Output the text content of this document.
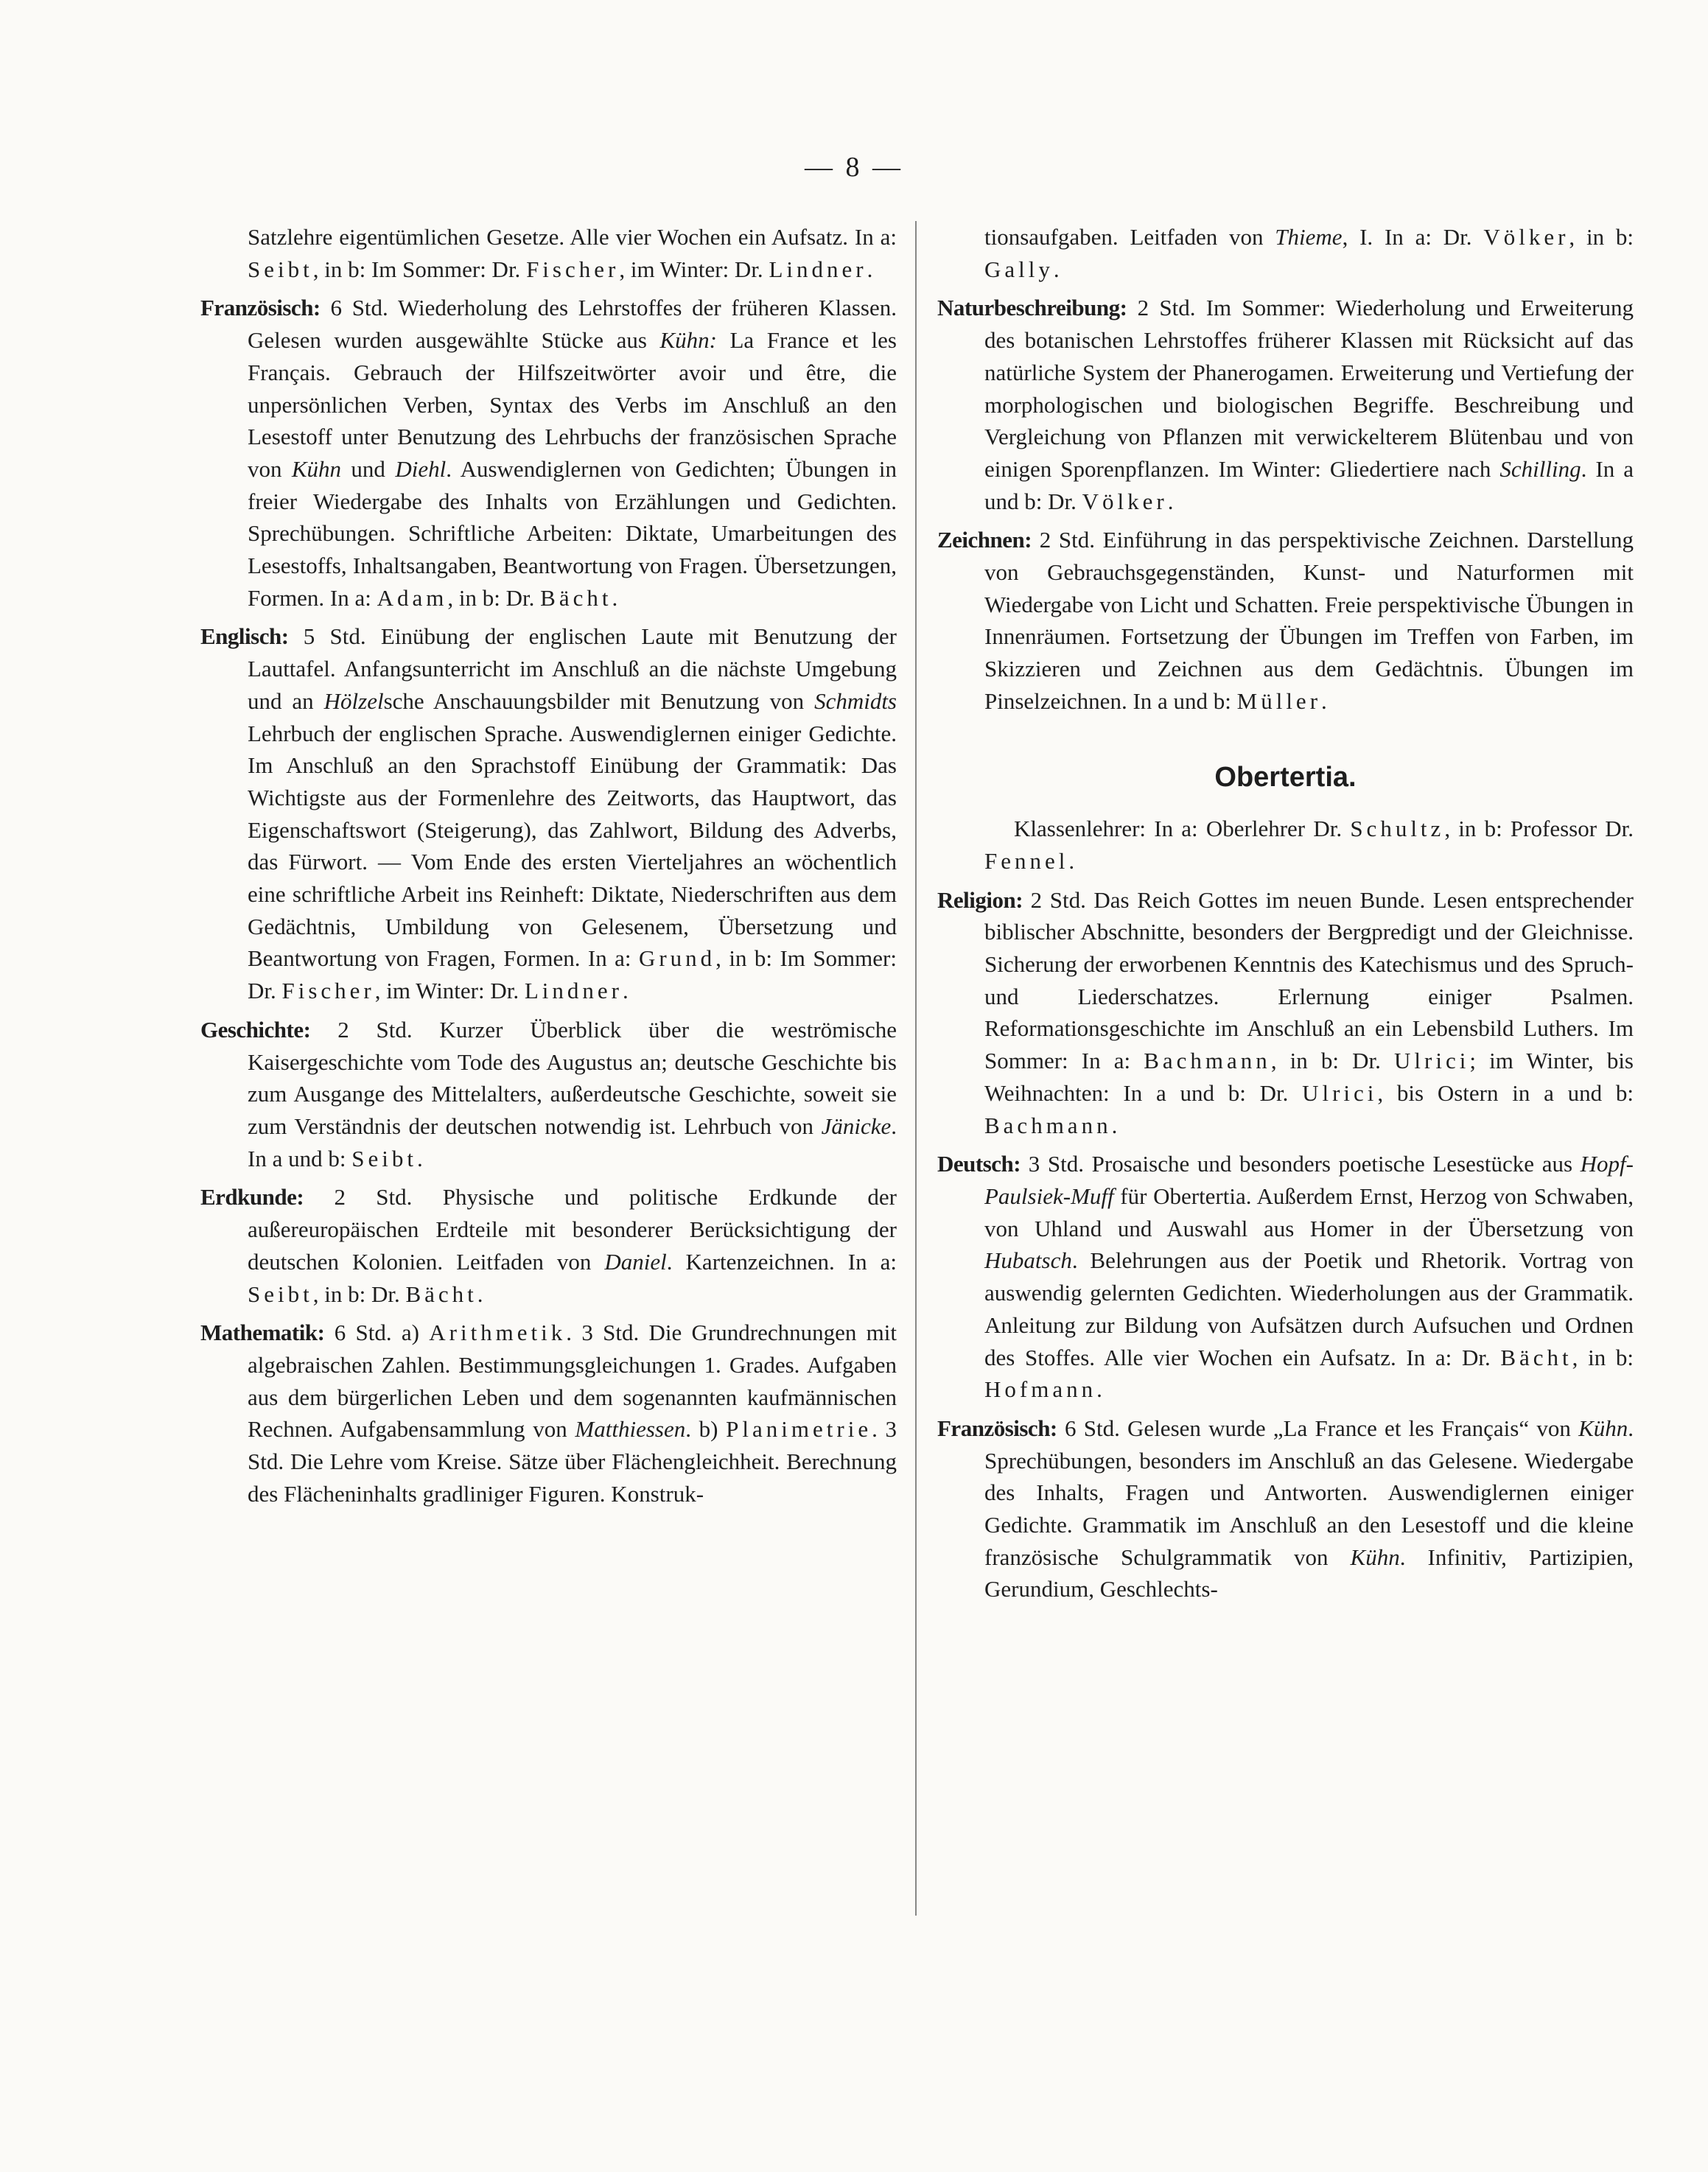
— 8 —
Satzlehre eigentümlichen Gesetze. Alle vier Wochen ein Aufsatz. In a: Seibt, in b: Im Sommer: Dr. Fischer, im Winter: Dr. Lindner.
Französisch: 6 Std. Wiederholung des Lehrstoffes der früheren Klassen. Gelesen wurden ausgewählte Stücke aus Kühn: La France et les Français. Gebrauch der Hilfszeitwörter avoir und être, die unpersönlichen Verben, Syntax des Verbs im Anschluß an den Lesestoff unter Benutzung des Lehrbuchs der französischen Sprache von Kühn und Diehl. Auswendiglernen von Gedichten; Übungen in freier Wiedergabe des Inhalts von Erzählungen und Gedichten. Sprechübungen. Schriftliche Arbeiten: Diktate, Umarbeitungen des Lesestoffs, Inhaltsangaben, Beantwortung von Fragen. Übersetzungen, Formen. In a: Adam, in b: Dr. Bächt.
Englisch: 5 Std. Einübung der englischen Laute mit Benutzung der Lauttafel. Anfangsunterricht im Anschluß an die nächste Umgebung und an Hölzelsche Anschauungsbilder mit Benutzung von Schmidts Lehrbuch der englischen Sprache. Auswendiglernen einiger Gedichte. Im Anschluß an den Sprachstoff Einübung der Grammatik: Das Wichtigste aus der Formenlehre des Zeitworts, das Hauptwort, das Eigenschaftswort (Steigerung), das Zahlwort, Bildung des Adverbs, das Fürwort. — Vom Ende des ersten Vierteljahres an wöchentlich eine schriftliche Arbeit ins Reinheft: Diktate, Niederschriften aus dem Gedächtnis, Umbildung von Gelesenem, Übersetzung und Beantwortung von Fragen, Formen. In a: Grund, in b: Im Sommer: Dr. Fischer, im Winter: Dr. Lindner.
Geschichte: 2 Std. Kurzer Überblick über die weströmische Kaisergeschichte vom Tode des Augustus an; deutsche Geschichte bis zum Ausgange des Mittelalters, außerdeutsche Geschichte, soweit sie zum Verständnis der deutschen notwendig ist. Lehrbuch von Jänicke. In a und b: Seibt.
Erdkunde: 2 Std. Physische und politische Erdkunde der außereuropäischen Erdteile mit besonderer Berücksichtigung der deutschen Kolonien. Leitfaden von Daniel. Kartenzeichnen. In a: Seibt, in b: Dr. Bächt.
Mathematik: 6 Std. a) Arithmetik. 3 Std. Die Grundrechnungen mit algebraischen Zahlen. Bestimmungsgleichungen 1. Grades. Aufgaben aus dem bürgerlichen Leben und dem sogenannten kaufmännischen Rechnen. Aufgabensammlung von Matthiessen. b) Planimetrie. 3 Std. Die Lehre vom Kreise. Sätze über Flächengleichheit. Berechnung des Flächeninhalts gradliniger Figuren. Konstruk-
tionsaufgaben. Leitfaden von Thieme, I. In a: Dr. Völker, in b: Gally.
Naturbeschreibung: 2 Std. Im Sommer: Wiederholung und Erweiterung des botanischen Lehrstoffes früherer Klassen mit Rücksicht auf das natürliche System der Phanerogamen. Erweiterung und Vertiefung der morphologischen und biologischen Begriffe. Beschreibung und Vergleichung von Pflanzen mit verwickelterem Blütenbau und von einigen Sporenpflanzen. Im Winter: Gliedertiere nach Schilling. In a und b: Dr. Völker.
Zeichnen: 2 Std. Einführung in das perspektivische Zeichnen. Darstellung von Gebrauchsgegenständen, Kunst- und Naturformen mit Wiedergabe von Licht und Schatten. Freie perspektivische Übungen in Innenräumen. Fortsetzung der Übungen im Treffen von Farben, im Skizzieren und Zeichnen aus dem Gedächtnis. Übungen im Pinselzeichnen. In a und b: Müller.
Obertertia.
Klassenlehrer: In a: Oberlehrer Dr. Schultz, in b: Professor Dr. Fennel.
Religion: 2 Std. Das Reich Gottes im neuen Bunde. Lesen entsprechender biblischer Abschnitte, besonders der Bergpredigt und der Gleichnisse. Sicherung der erworbenen Kenntnis des Katechismus und des Spruch- und Liederschatzes. Erlernung einiger Psalmen. Reformationsgeschichte im Anschluß an ein Lebensbild Luthers. Im Sommer: In a: Bachmann, in b: Dr. Ulrici; im Winter, bis Weihnachten: In a und b: Dr. Ulrici, bis Ostern in a und b: Bachmann.
Deutsch: 3 Std. Prosaische und besonders poetische Lesestücke aus Hopf-Paulsiek-Muff für Obertertia. Außerdem Ernst, Herzog von Schwaben, von Uhland und Auswahl aus Homer in der Übersetzung von Hubatsch. Belehrungen aus der Poetik und Rhetorik. Vortrag von auswendig gelernten Gedichten. Wiederholungen aus der Grammatik. Anleitung zur Bildung von Aufsätzen durch Aufsuchen und Ordnen des Stoffes. Alle vier Wochen ein Aufsatz. In a: Dr. Bächt, in b: Hofmann.
Französisch: 6 Std. Gelesen wurde „La France et les Français“ von Kühn. Sprechübungen, besonders im Anschluß an das Gelesene. Wiedergabe des Inhalts, Fragen und Antworten. Auswendiglernen einiger Gedichte. Grammatik im Anschluß an den Lesestoff und die kleine französische Schulgrammatik von Kühn. Infinitiv, Partizipien, Gerundium, Geschlechts-
